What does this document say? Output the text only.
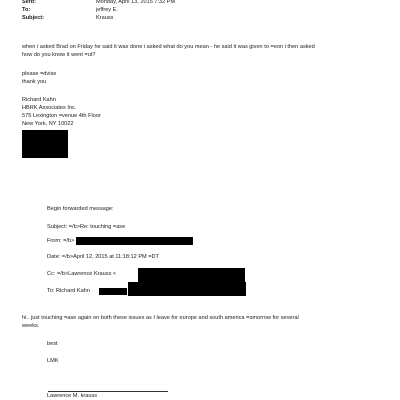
Sent:	Monday, April 13, 2015 7:32 PM
To:	jeffrey E.
Subject:	Krauss
when i asked Brad on Friday he said it was done i asked what do you mean - he said it was given to =eon i then asked
how do you know it went =ut?
please =dvise
thank you
Richard Kahn
HBRK Associates Inc.
575 Lexington =venue 4th Floor
New York, NY 10022
Begin forwarded message:
Subject: =/b>Re: touching =ase
From: =/b>
Date: =/b>April 12, 2015 at 11:18:12 PM =DT
Cc: =/b>Lawrence Krauss <
To: Richard Kahn
hi.. just touching =ase again on both these issues as I leave for europe and south america =omorrow for several
weeks.
best
LMK
Lawrence M. krauss
